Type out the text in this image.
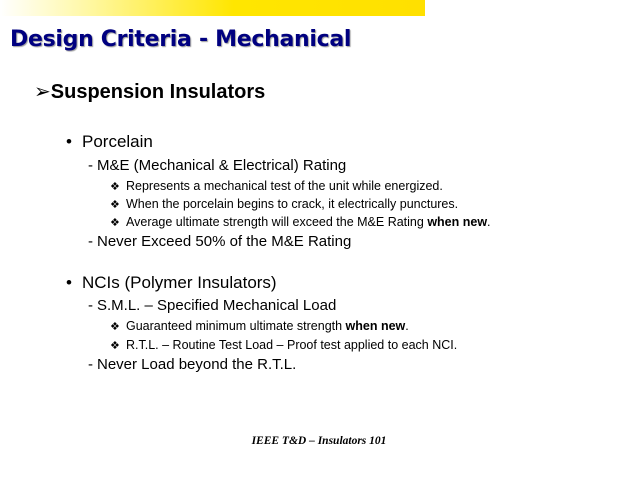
Design Criteria - Mechanical
➢Suspension Insulators
• Porcelain
- M&E (Mechanical & Electrical) Rating
❖ Represents a mechanical test of the unit while energized.
❖ When the porcelain begins to crack, it electrically punctures.
❖ Average ultimate strength will exceed the M&E Rating when new.
- Never Exceed 50% of the M&E Rating
• NCIs (Polymer Insulators)
- S.M.L. – Specified Mechanical Load
❖ Guaranteed minimum ultimate strength when new.
❖ R.T.L. – Routine Test Load – Proof test applied to each NCI.
- Never Load beyond the R.T.L.
IEEE T&D – Insulators 101
